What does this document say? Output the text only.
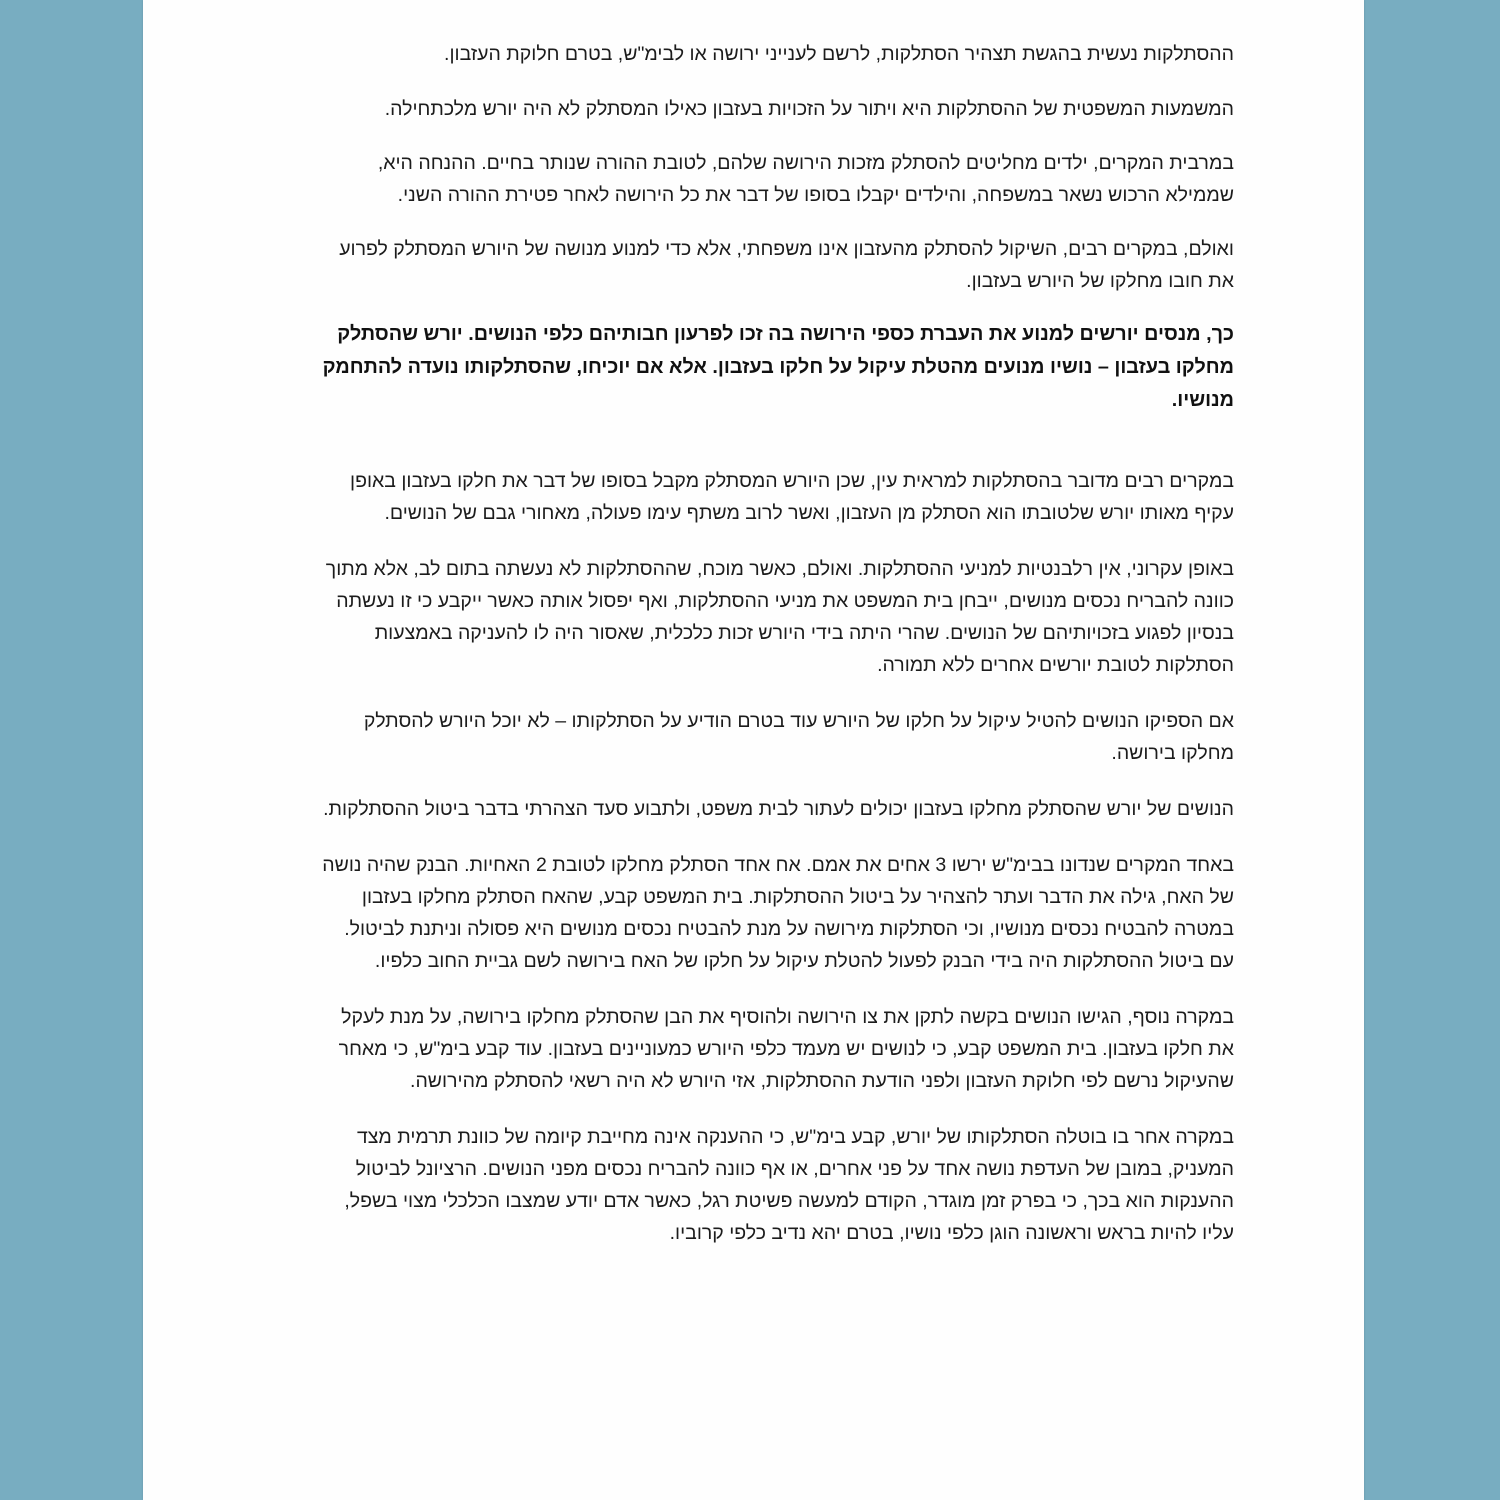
ההסתלקות נעשית בהגשת תצהיר הסתלקות, לרשם לענייני ירושה או לבימ"ש, בטרם חלוקת העזבון.

המשמעות המשפטית של ההסתלקות היא ויתור על הזכויות בעזבון כאילו המסתלק לא היה יורש מלכתחילה.

במרבית המקרים, ילדים מחליטים להסתלק מזכות הירושה שלהם, לטובת ההורה שנותר בחיים. ההנחה היא, שממילא הרכוש נשאר במשפחה, והילדים יקבלו בסופו של דבר את כל הירושה לאחר פטירת ההורה השני.

ואולם, במקרים רבים, השיקול להסתלק מהעזבון אינו משפחתי, אלא כדי למנוע מנושה של היורש המסתלק לפרוע את חובו מחלקו של היורש בעזבון.

כך, מנסים יורשים למנוע את העברת כספי הירושה בה זכו לפרעון חבותיהם כלפי הנושים. יורש שהסתלק מחלקו בעזבון – נושיו מנועים מהטלת עיקול על חלקו בעזבון. אלא אם יוכיחו, שהסתלקותו נועדה להתחמק מנושיו.

במקרים רבים מדובר בהסתלקות למראית עין, שכן היורש המסתלק מקבל בסופו של דבר את חלקו בעזבון באופן עקיף מאותו יורש שלטובתו הוא הסתלק מן העזבון, ואשר לרוב משתף עימו פעולה, מאחורי גבם של הנושים.

באופן עקרוני, אין רלבנטיות למניעי ההסתלקות. ואולם, כאשר מוכח, שההסתלקות לא נעשתה בתום לב, אלא מתוך כוונה להבריח נכסים מנושים, ייבחן בית המשפט את מניעי ההסתלקות, ואף יפסול אותה כאשר ייקבע כי זו נעשתה בנסיון לפגוע בזכויותיהם של הנושים. שהרי היתה בידי היורש זכות כלכלית, שאסור היה לו להעניקה באמצעות הסתלקות לטובת יורשים אחרים ללא תמורה.

אם הספיקו הנושים להטיל עיקול על חלקו של היורש עוד בטרם הודיע על הסתלקותו – לא יוכל היורש להסתלק מחלקו בירושה.

הנושים של יורש שהסתלק מחלקו בעזבון יכולים לעתור לבית משפט, ולתבוע סעד הצהרתי בדבר ביטול ההסתלקות.

באחד המקרים שנדונו בבימ"ש ירשו 3 אחים את אמם. אח אחד הסתלק מחלקו לטובת 2 האחיות. הבנק שהיה נושה של האח, גילה את הדבר ועתר להצהיר על ביטול ההסתלקות. בית המשפט קבע, שהאח הסתלק מחלקו בעזבון במטרה להבטיח נכסים מנושיו, וכי הסתלקות מירושה על מנת להבטיח נכסים מנושים היא פסולה וניתנת לביטול. עם ביטול ההסתלקות היה בידי הבנק לפעול להטלת עיקול על חלקו של האח בירושה לשם גביית החוב כלפיו.

במקרה נוסף, הגישו הנושים בקשה לתקן את צו הירושה ולהוסיף את הבן שהסתלק מחלקו בירושה, על מנת לעקל את חלקו בעזבון. בית המשפט קבע, כי לנושים יש מעמד כלפי היורש כמעוניינים בעזבון. עוד קבע בימ"ש, כי מאחר שהעיקול נרשם לפי חלוקת העזבון ולפני הודעת ההסתלקות, אזי היורש לא היה רשאי להסתלק מהירושה.

במקרה אחר בו בוטלה הסתלקותו של יורש, קבע בימ"ש, כי ההענקה אינה מחייבת קיומה של כוונת תרמית מצד המעניק, במובן של העדפת נושה אחד על פני אחרים, או אף כוונה להבריח נכסים מפני הנושים. הרציונל לביטול ההענקות הוא בכך, כי בפרק זמן מוגדר, הקודם למעשה פשיטת רגל, כאשר אדם יודע שמצבו הכלכלי מצוי בשפל, עליו להיות בראש וראשונה הוגן כלפי נושיו, בטרם יהא נדיב כלפי קרוביו.
